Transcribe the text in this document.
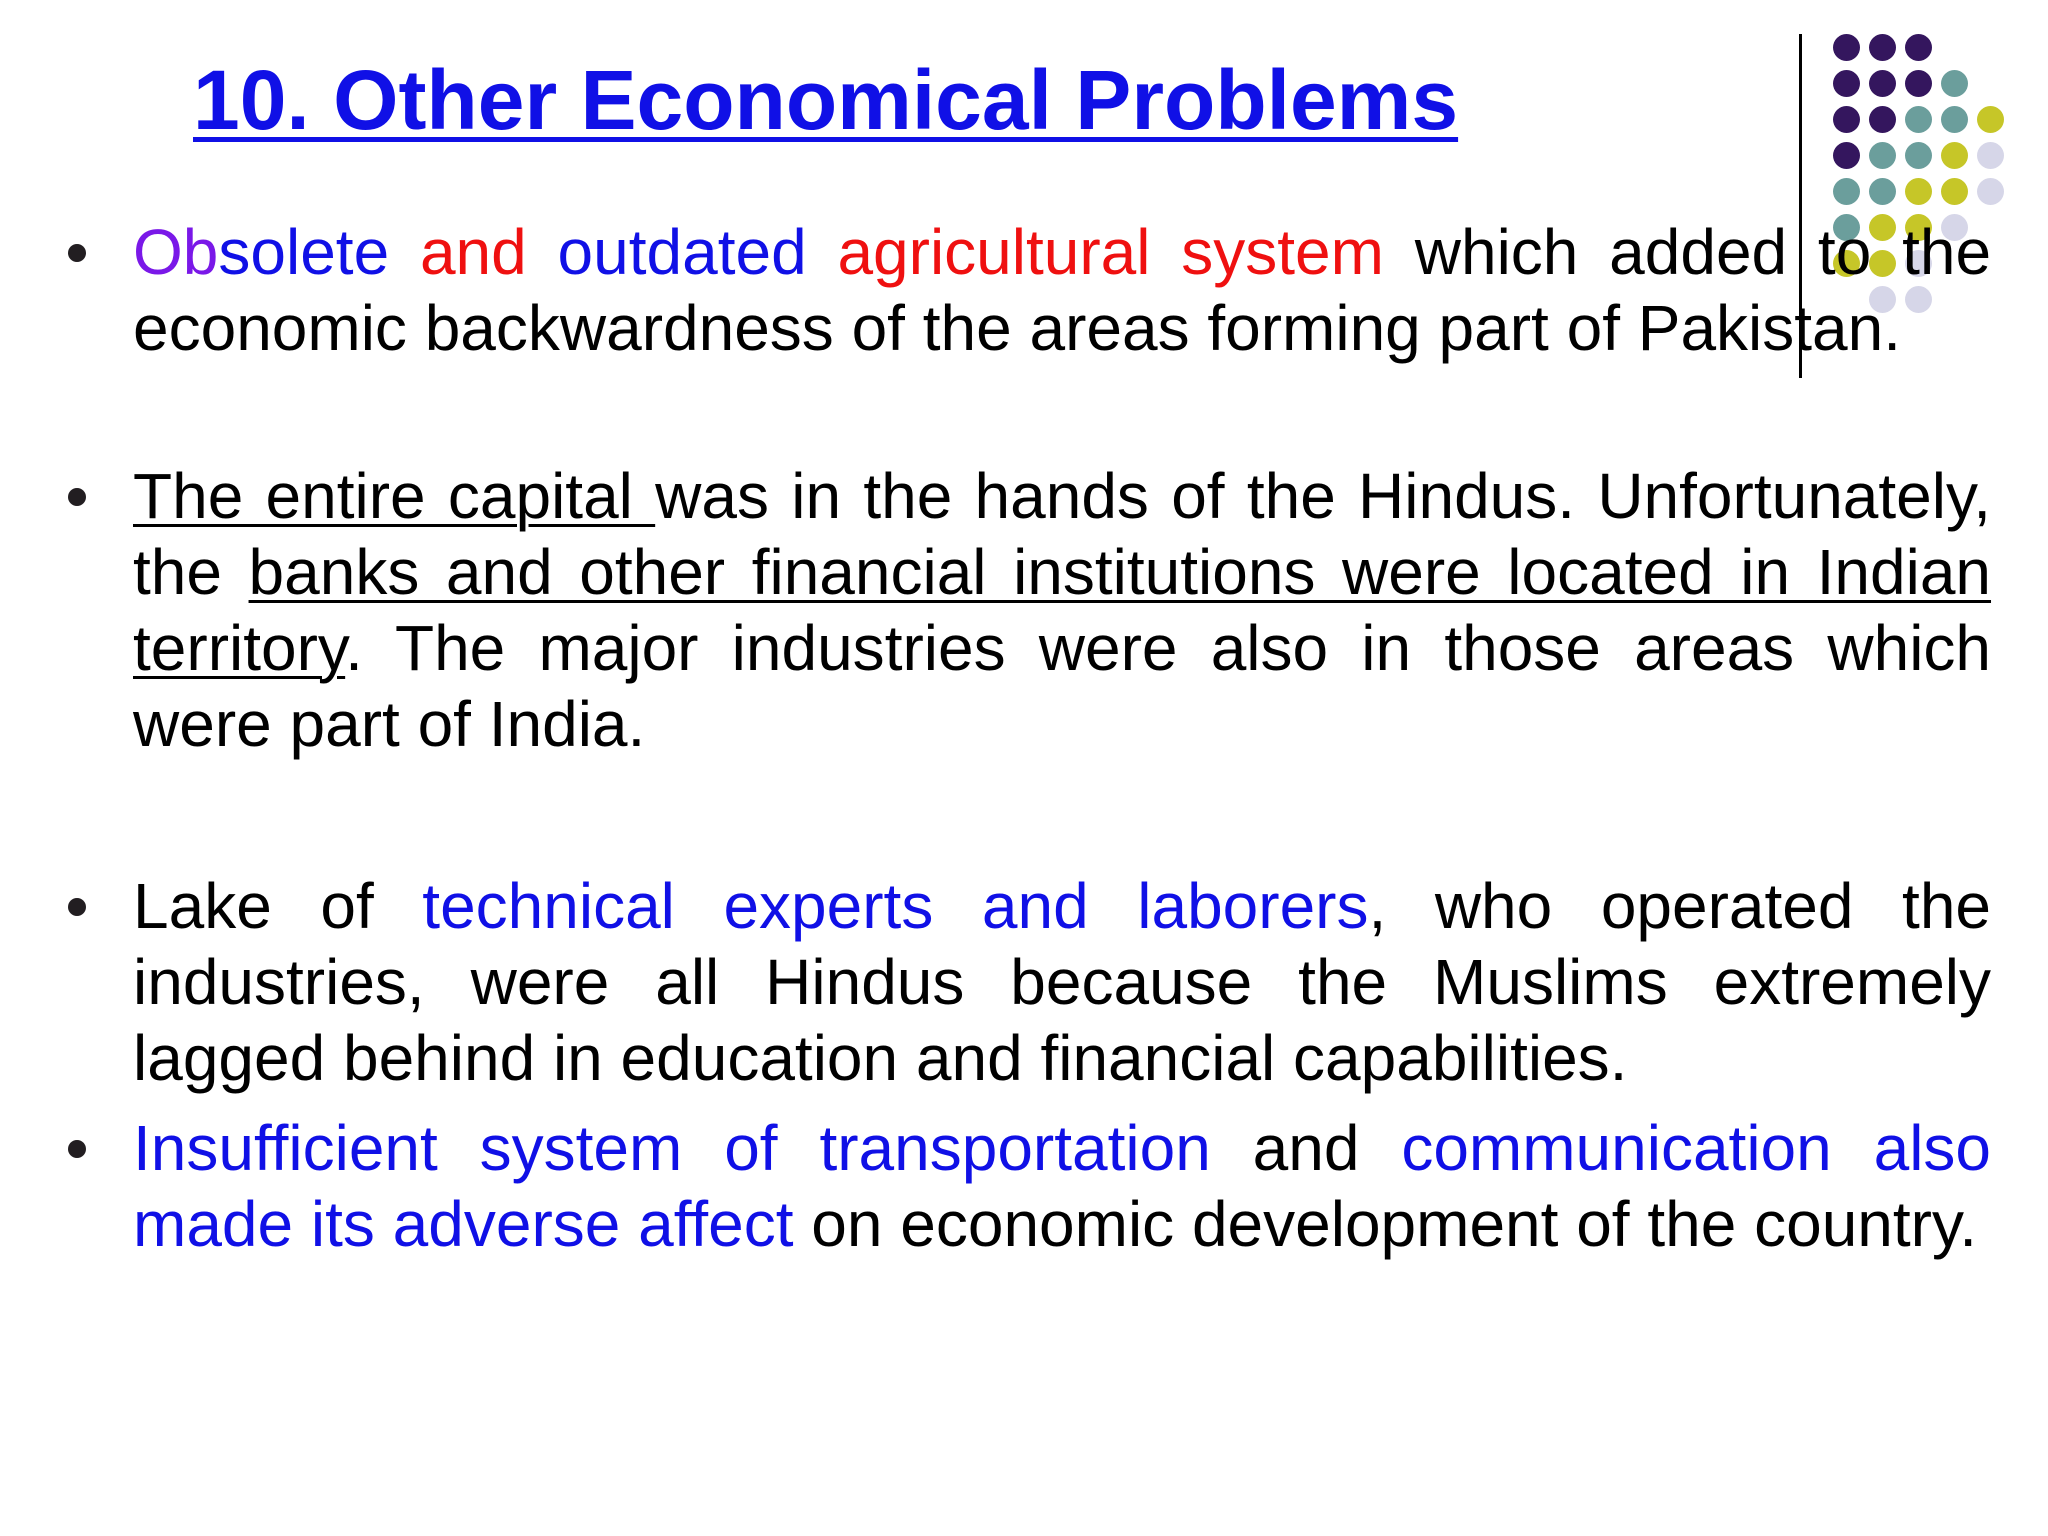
10. Other Economical Problems
Obsolete and outdated agricultural system which added to the economic backwardness of the areas forming part of Pakistan.
The entire capital was in the hands of the Hindus. Unfortunately, the banks and other financial institutions were located in Indian territory. The major industries were also in those areas which were part of India.
Lake of technical experts and laborers, who operated the industries, were all Hindus because the Muslims extremely lagged behind in education and financial capabilities.
Insufficient system of transportation and communication also made its adverse affect on economic development of the country.
